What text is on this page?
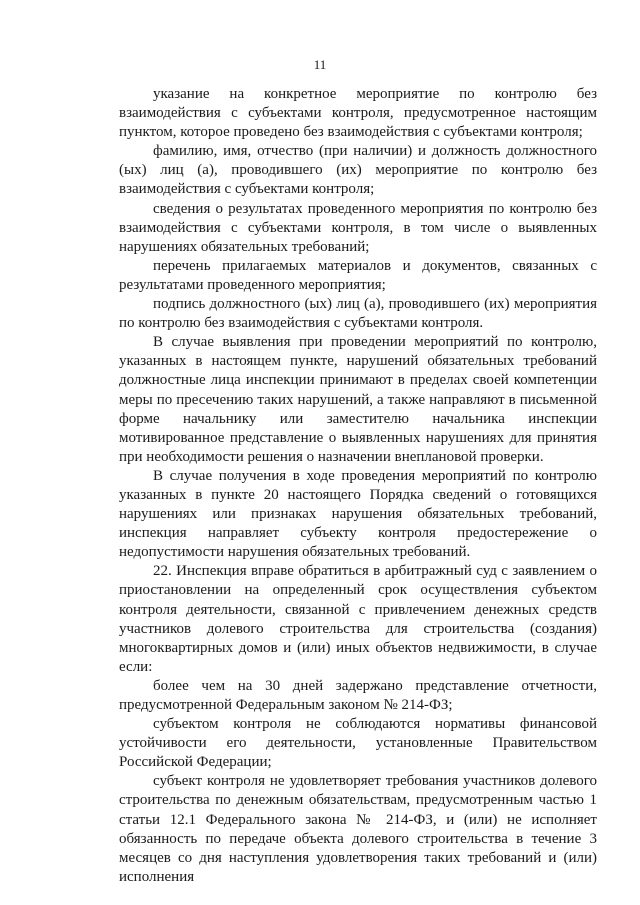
11

указание на конкретное мероприятие по контролю без взаимодействия с субъектами контроля, предусмотренное настоящим пунктом, которое проведено без взаимодействия с субъектами контроля;

фамилию, имя, отчество (при наличии) и должность должностного (ых) лиц (а), проводившего (их) мероприятие по контролю без взаимодействия с субъектами контроля;

сведения о результатах проведенного мероприятия по контролю без взаимодействия с субъектами контроля, в том числе о выявленных нарушениях обязательных требований;

перечень прилагаемых материалов и документов, связанных с результатами проведенного мероприятия;

подпись должностного (ых) лиц (а), проводившего (их) мероприятия по контролю без взаимодействия с субъектами контроля.

В случае выявления при проведении мероприятий по контролю, указанных в настоящем пункте, нарушений обязательных требований должностные лица инспекции принимают в пределах своей компетенции меры по пресечению таких нарушений, а также направляют в письменной форме начальнику или заместителю начальника инспекции мотивированное представление о выявленных нарушениях для принятия при необходимости решения о назначении внеплановой проверки.

В случае получения в ходе проведения мероприятий по контролю указанных в пункте 20 настоящего Порядка сведений о готовящихся нарушениях или признаках нарушения обязательных требований, инспекция направляет субъекту контроля предостережение о недопустимости нарушения обязательных требований.

22. Инспекция вправе обратиться в арбитражный суд с заявлением о приостановлении на определенный срок осуществления субъектом контроля деятельности, связанной с привлечением денежных средств участников долевого строительства для строительства (создания) многоквартирных домов и (или) иных объектов недвижимости, в случае если:

более чем на 30 дней задержано представление отчетности, предусмотренной Федеральным законом № 214-ФЗ;

субъектом контроля не соблюдаются нормативы финансовой устойчивости его деятельности, установленные Правительством Российской Федерации;

субъект контроля не удовлетворяет требования участников долевого строительства по денежным обязательствам, предусмотренным частью 1 статьи 12.1 Федерального закона № 214-ФЗ, и (или) не исполняет обязанность по передаче объекта долевого строительства в течение 3 месяцев со дня наступления удовлетворения таких требований и (или) исполнения
